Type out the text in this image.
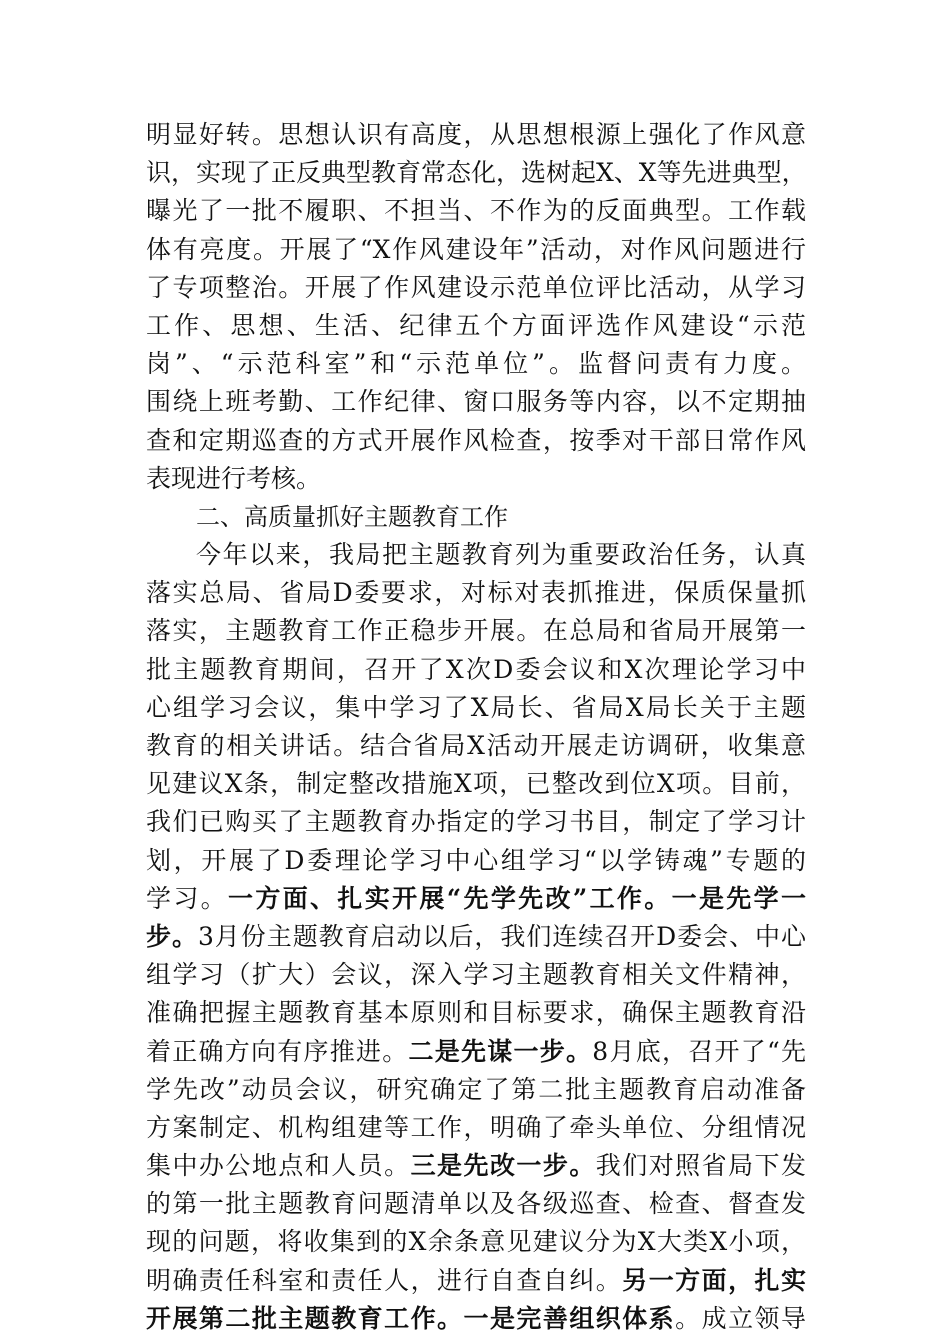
明显好转。思想认识有高度，从思想根源上强化了作风意
识，实现了正反典型教育常态化，选树起X、X等先进典型，
曝光了一批不履职、不担当、不作为的反面典型。工作载
体有亮度。开展了“X作风建设年”活动，对作风问题进行
了专项整治。开展了作风建设示范单位评比活动，从学习
工作、思想、生活、纪律五个方面评选作风建设“示范
岗”、“示范科室”和“示范单位”。监督问责有力度。
围绕上班考勤、工作纪律、窗口服务等内容，以不定期抽
查和定期巡查的方式开展作风检查，按季对干部日常作风
表现进行考核。
二、高质量抓好主题教育工作
今年以来，我局把主题教育列为重要政治任务，认真
落实总局、省局D委要求，对标对表抓推进，保质保量抓
落实，主题教育工作正稳步开展。在总局和省局开展第一
批主题教育期间，召开了X次D委会议和X次理论学习中
心组学习会议，集中学习了X局长、省局X局长关于主题
教育的相关讲话。结合省局X活动开展走访调研，收集意
见建议X条，制定整改措施X项，已整改到位X项。目前，
我们已购买了主题教育办指定的学习书目，制定了学习计
划，开展了D委理论学习中心组学习“以学铸魂”专题的
学习。一方面、扎实开展“先学先改”工作。一是先学一
步。3月份主题教育启动以后，我们连续召开D委会、中心
组学习（扩大）会议，深入学习主题教育相关文件精神，
准确把握主题教育基本原则和目标要求，确保主题教育沿
着正确方向有序推进。二是先谋一步。8月底，召开了“先
学先改”动员会议，研究确定了第二批主题教育启动准备
方案制定、机构组建等工作，明确了牵头单位、分组情况
集中办公地点和人员。三是先改一步。我们对照省局下发
的第一批主题教育问题清单以及各级巡查、检查、督查发
现的问题，将收集到的X余条意见建议分为X大类X小项，
明确责任科室和责任人，进行自查自纠。另一方面，扎实
开展第二批主题教育工作。一是完善组织体系。成立领导
